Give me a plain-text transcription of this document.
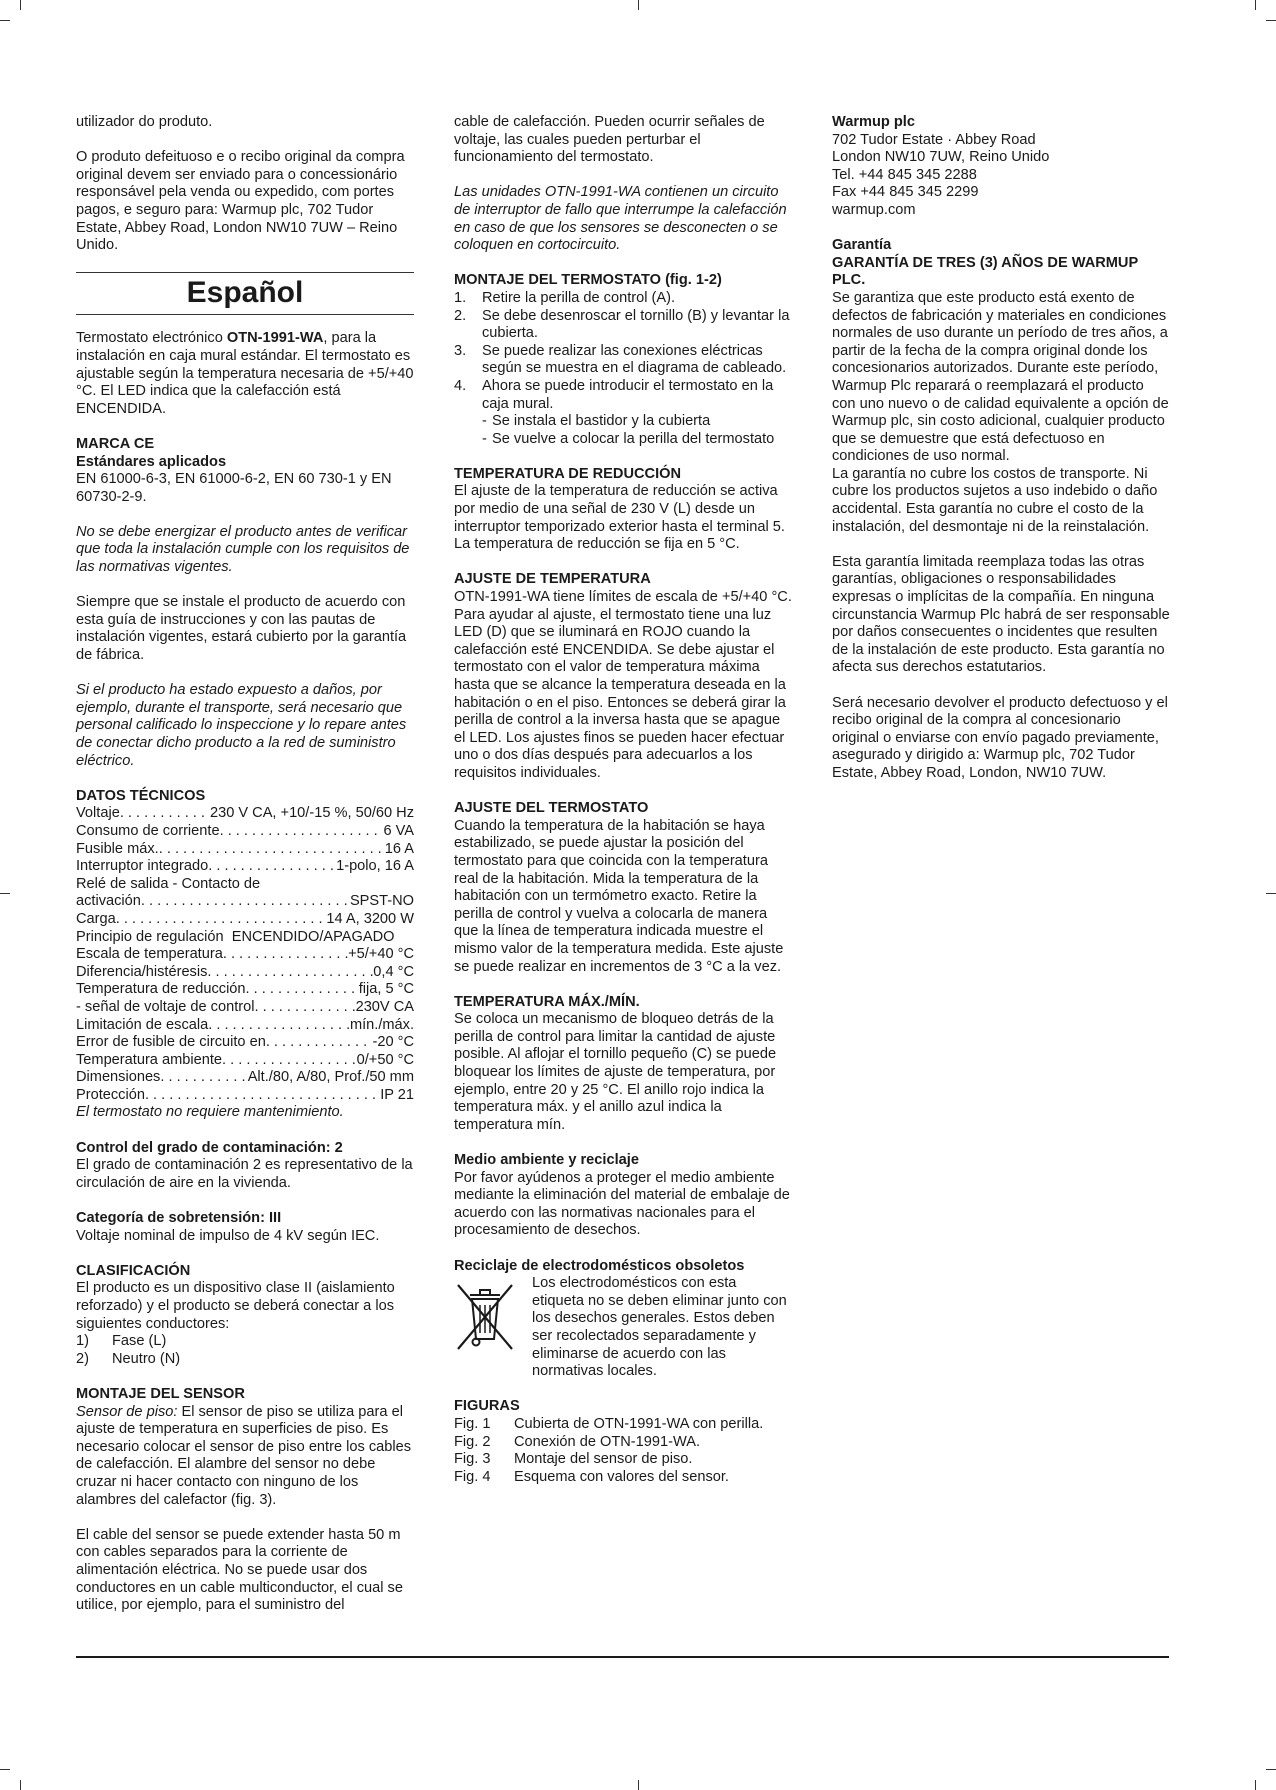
utilizador do produto.

O produto defeituoso e o recibo original da compra original devem ser enviado para o concessionário responsável pela venda ou expedido, com portes pagos, e seguro para: Warmup plc, 702 Tudor Estate, Abbey Road, London NW10 7UW – Reino Unido.

Español

Termostato electrónico OTN-1991-WA, para la instalación en caja mural estándar. El termostato es ajustable según la temperatura necesaria de +5/+40 °C. El LED indica que la calefacción está ENCENDIDA.

MARCA CE
Estándares aplicados
EN 61000-6-3, EN 61000-6-2, EN 60 730-1 y EN 60730-2-9.

No se debe energizar el producto antes de verificar que toda la instalación cumple con los requisitos de las normativas vigentes.

Siempre que se instale el producto de acuerdo con esta guía de instrucciones y con las pautas de instalación vigentes, estará cubierto por la garantía de fábrica.

Si el producto ha estado expuesto a daños, por ejemplo, durante el transporte, será necesario que personal calificado lo inspeccione y lo repare antes de conectar dicho producto a la red de suministro eléctrico.

DATOS TÉCNICOS
Voltaje . . .	230 V CA, +10/-15 %, 50/60 Hz
Consumo de corriente . . .	6 VA
Fusible máx. . . .	16 A
Interruptor integrado . . .	1-polo, 16 A
Relé de salida - Contacto de
activación . . .	SPST-NO
Carga . . .	14 A, 3200 W
Principio de regulación  ENCENDIDO/APAGADO
Escala de temperatura . . .	+5/+40 °C
Diferencia/histéresis . . .	0,4 °C
Temperatura de reducción . . .	fija, 5 °C
- señal de voltaje de control . . .	230V CA
Limitación de escala . . .	mín./máx.
Error de fusible de circuito en . . .	-20 °C
Temperatura ambiente . . .	0/+50 °C
Dimensiones . . .	Alt./80, A/80, Prof./50 mm
Protección . . .	IP 21
El termostato no requiere mantenimiento.
Control del grado de contaminación: 2
El grado de contaminación 2 es representativo de la circulación de aire en la vivienda.
Categoría de sobretensión: III
Voltaje nominal de impulso de 4 kV según IEC.
CLASIFICACIÓN
El producto es un dispositivo clase II (aislamiento reforzado) y el producto se deberá conectar a los siguientes conductores:
1)	Fase (L)
2)	Neutro (N)
MONTAJE DEL SENSOR
Sensor de piso: El sensor de piso se utiliza para el ajuste de temperatura en superficies de piso. Es necesario colocar el sensor de piso entre los cables de calefacción. El alambre del sensor no debe cruzar ni hacer contacto con ninguno de los alambres del calefactor (fig. 3).
El cable del sensor se puede extender hasta 50 m con cables separados para la corriente de alimentación eléctrica. No se puede usar dos conductores en un cable multiconductor, el cual se utilice, por ejemplo, para el suministro del

cable de calefacción. Pueden ocurrir señales de voltaje, las cuales pueden perturbar el funcionamiento del termostato.

Las unidades OTN-1991-WA contienen un circuito de interruptor de fallo que interrumpe la calefacción en caso de que los sensores se desconecten o se coloquen en cortocircuito.

MONTAJE DEL TERMOSTATO (fig. 1-2)
1.	Retire la perilla de control (A).
2.	Se debe desenroscar el tornillo (B) y levantar la cubierta.
3.	Se puede realizar las conexiones eléctricas según se muestra en el diagrama de cableado.
4.	Ahora se puede introducir el termostato en la caja mural.
- Se instala el bastidor y la cubierta
- Se vuelve a colocar la perilla del termostato
TEMPERATURA DE REDUCCIÓN
El ajuste de la temperatura de reducción se activa por medio de una señal de 230 V (L) desde un interruptor temporizado exterior hasta el terminal 5. La temperatura de reducción se fija en 5 °C.
AJUSTE DE TEMPERATURA
OTN-1991-WA tiene límites de escala de +5/+40 °C. Para ayudar al ajuste, el termostato tiene una luz LED (D) que se iluminará en ROJO cuando la calefacción esté ENCENDIDA. Se debe ajustar el termostato con el valor de temperatura máxima hasta que se alcance la temperatura deseada en la habitación o en el piso. Entonces se deberá girar la perilla de control a la inversa hasta que se apague el LED. Los ajustes finos se pueden hacer efectuar uno o dos días después para adecuarlos a los requisitos individuales.
AJUSTE DEL TERMOSTATO
Cuando la temperatura de la habitación se haya estabilizado, se puede ajustar la posición del termostato para que coincida con la temperatura real de la habitación. Mida la temperatura de la habitación con un termómetro exacto. Retire la perilla de control y vuelva a colocarla de manera que la línea de temperatura indicada muestre el mismo valor de la temperatura medida. Este ajuste se puede realizar en incrementos de 3 °C a la vez.
TEMPERATURA MÁX./MÍN.
Se coloca un mecanismo de bloqueo detrás de la perilla de control para limitar la cantidad de ajuste posible. Al aflojar el tornillo pequeño (C) se puede bloquear los límites de ajuste de temperatura, por ejemplo, entre 20 y 25 °C. El anillo rojo indica la temperatura máx. y el anillo azul indica la temperatura mín.
Medio ambiente y reciclaje
Por favor ayúdenos a proteger el medio ambiente mediante la eliminación del material de embalaje de acuerdo con las normativas nacionales para el procesamiento de desechos.
Reciclaje de electrodomésticos obsoletos
Los electrodomésticos con esta etiqueta no se deben eliminar junto con los desechos generales. Estos deben ser recolectados separadamente y eliminarse de acuerdo con las normativas locales.
FIGURAS
Fig. 1	Cubierta de OTN-1991-WA con perilla.
Fig. 2	Conexión de OTN-1991-WA.
Fig. 3	Montaje del sensor de piso.
Fig. 4	Esquema con valores del sensor.
Warmup plc
702 Tudor Estate · Abbey Road
London NW10 7UW, Reino Unido
Tel. +44 845 345 2288
Fax +44 845 345 2299
warmup.com
Garantía
GARANTÍA DE TRES (3) AÑOS DE WARMUP PLC.
Se garantiza que este producto está exento de defectos de fabricación y materiales en condiciones normales de uso durante un período de tres años, a partir de la fecha de la compra original donde los concesionarios autorizados. Durante este período, Warmup Plc reparará o reemplazará el producto con uno nuevo o de calidad equivalente a opción de Warmup plc, sin costo adicional, cualquier producto que se demuestre que está defectuoso en condiciones de uso normal.
La garantía no cubre los costos de transporte. Ni cubre los productos sujetos a uso indebido o daño accidental. Esta garantía no cubre el costo de la instalación, del desmontaje ni de la reinstalación.

Esta garantía limitada reemplaza todas las otras garantías, obligaciones o responsabilidades expresas o implícitas de la compañía. En ninguna circunstancia Warmup Plc habrá de ser responsable por daños consecuentes o incidentes que resulten de la instalación de este producto. Esta garantía no afecta sus derechos estatutarios.

Será necesario devolver el producto defectuoso y el recibo original de la compra al concesionario original o enviarse con envío pagado previamente, asegurado y dirigido a: Warmup plc, 702 Tudor Estate, Abbey Road, London, NW10 7UW.
